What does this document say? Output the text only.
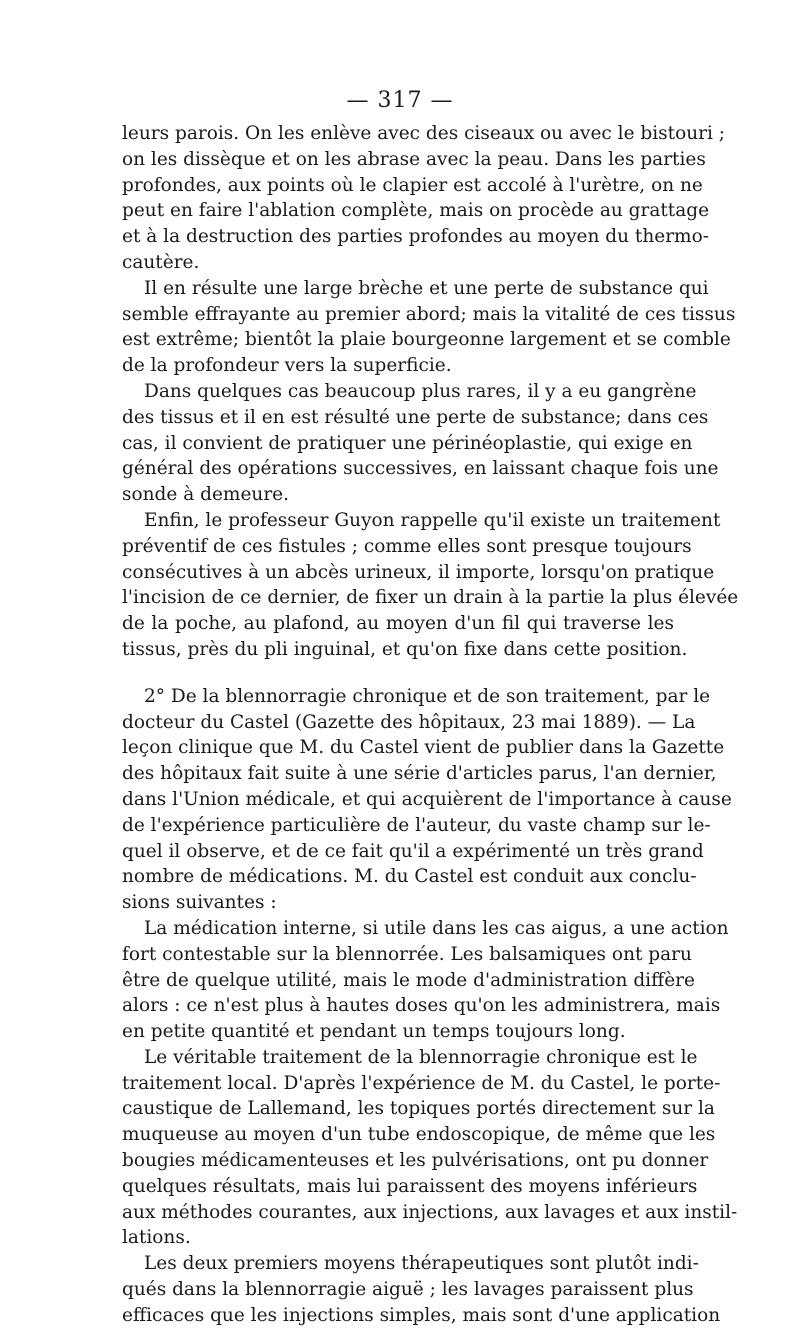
— 317 —
leurs parois. On les enlève avec des ciseaux ou avec le bistouri ;
on les dissèque et on les abrase avec la peau. Dans les parties
profondes, aux points où le clapier est accolé à l'urètre, on ne
peut en faire l'ablation complète, mais on procède au grattage
et à la destruction des parties profondes au moyen du thermo-
cautère.
Il en résulte une large brèche et une perte de substance qui
semble effrayante au premier abord; mais la vitalité de ces tissus
est extrême; bientôt la plaie bourgeonne largement et se comble
de la profondeur vers la superficie.
Dans quelques cas beaucoup plus rares, il y a eu gangrène
des tissus et il en est résulté une perte de substance; dans ces
cas, il convient de pratiquer une périnéoplastie, qui exige en
général des opérations successives, en laissant chaque fois une
sonde à demeure.
Enfin, le professeur Guyon rappelle qu'il existe un traitement
préventif de ces fistules ; comme elles sont presque toujours
consécutives à un abcès urineux, il importe, lorsqu'on pratique
l'incision de ce dernier, de fixer un drain à la partie la plus élevée
de la poche, au plafond, au moyen d'un fil qui traverse les
tissus, près du pli inguinal, et qu'on fixe dans cette position.
2° De la blennorragie chronique et de son traitement, par le
docteur du Castel (Gazette des hôpitaux, 23 mai 1889). — La
leçon clinique que M. du Castel vient de publier dans la Gazette
des hôpitaux fait suite à une série d'articles parus, l'an dernier,
dans l'Union médicale, et qui acquièrent de l'importance à cause
de l'expérience particulière de l'auteur, du vaste champ sur le-
quel il observe, et de ce fait qu'il a expérimenté un très grand
nombre de médications. M. du Castel est conduit aux conclu-
sions suivantes :
La médication interne, si utile dans les cas aigus, a une action
fort contestable sur la blennorrée. Les balsamiques ont paru
être de quelque utilité, mais le mode d'administration diffère
alors : ce n'est plus à hautes doses qu'on les administrera, mais
en petite quantité et pendant un temps toujours long.
Le véritable traitement de la blennorragie chronique est le
traitement local. D'après l'expérience de M. du Castel, le porte-
caustique de Lallemand, les topiques portés directement sur la
muqueuse au moyen d'un tube endoscopique, de même que les
bougies médicamenteuses et les pulvérisations, ont pu donner
quelques résultats, mais lui paraissent des moyens inférieurs
aux méthodes courantes, aux injections, aux lavages et aux instil-
lations.
Les deux premiers moyens thérapeutiques sont plutôt indi-
qués dans la blennorragie aiguë ; les lavages paraissent plus
efficaces que les injections simples, mais sont d'une application
